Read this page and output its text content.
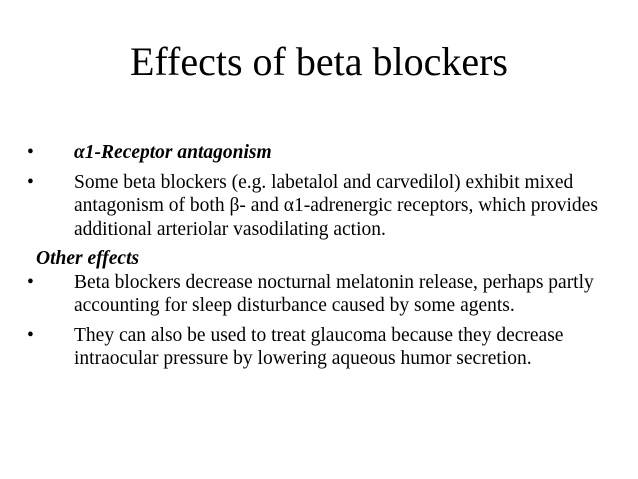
Effects of beta blockers

• α1-Receptor antagonism

• Some beta blockers (e.g. labetalol and carvedilol) exhibit mixed antagonism of both β- and α1-adrenergic receptors, which provides additional arteriolar vasodilating action.

Other effects

• Beta blockers decrease nocturnal melatonin release, perhaps partly accounting for sleep disturbance caused by some agents.

• They can also be used to treat glaucoma because they decrease intraocular pressure by lowering aqueous humor secretion.
